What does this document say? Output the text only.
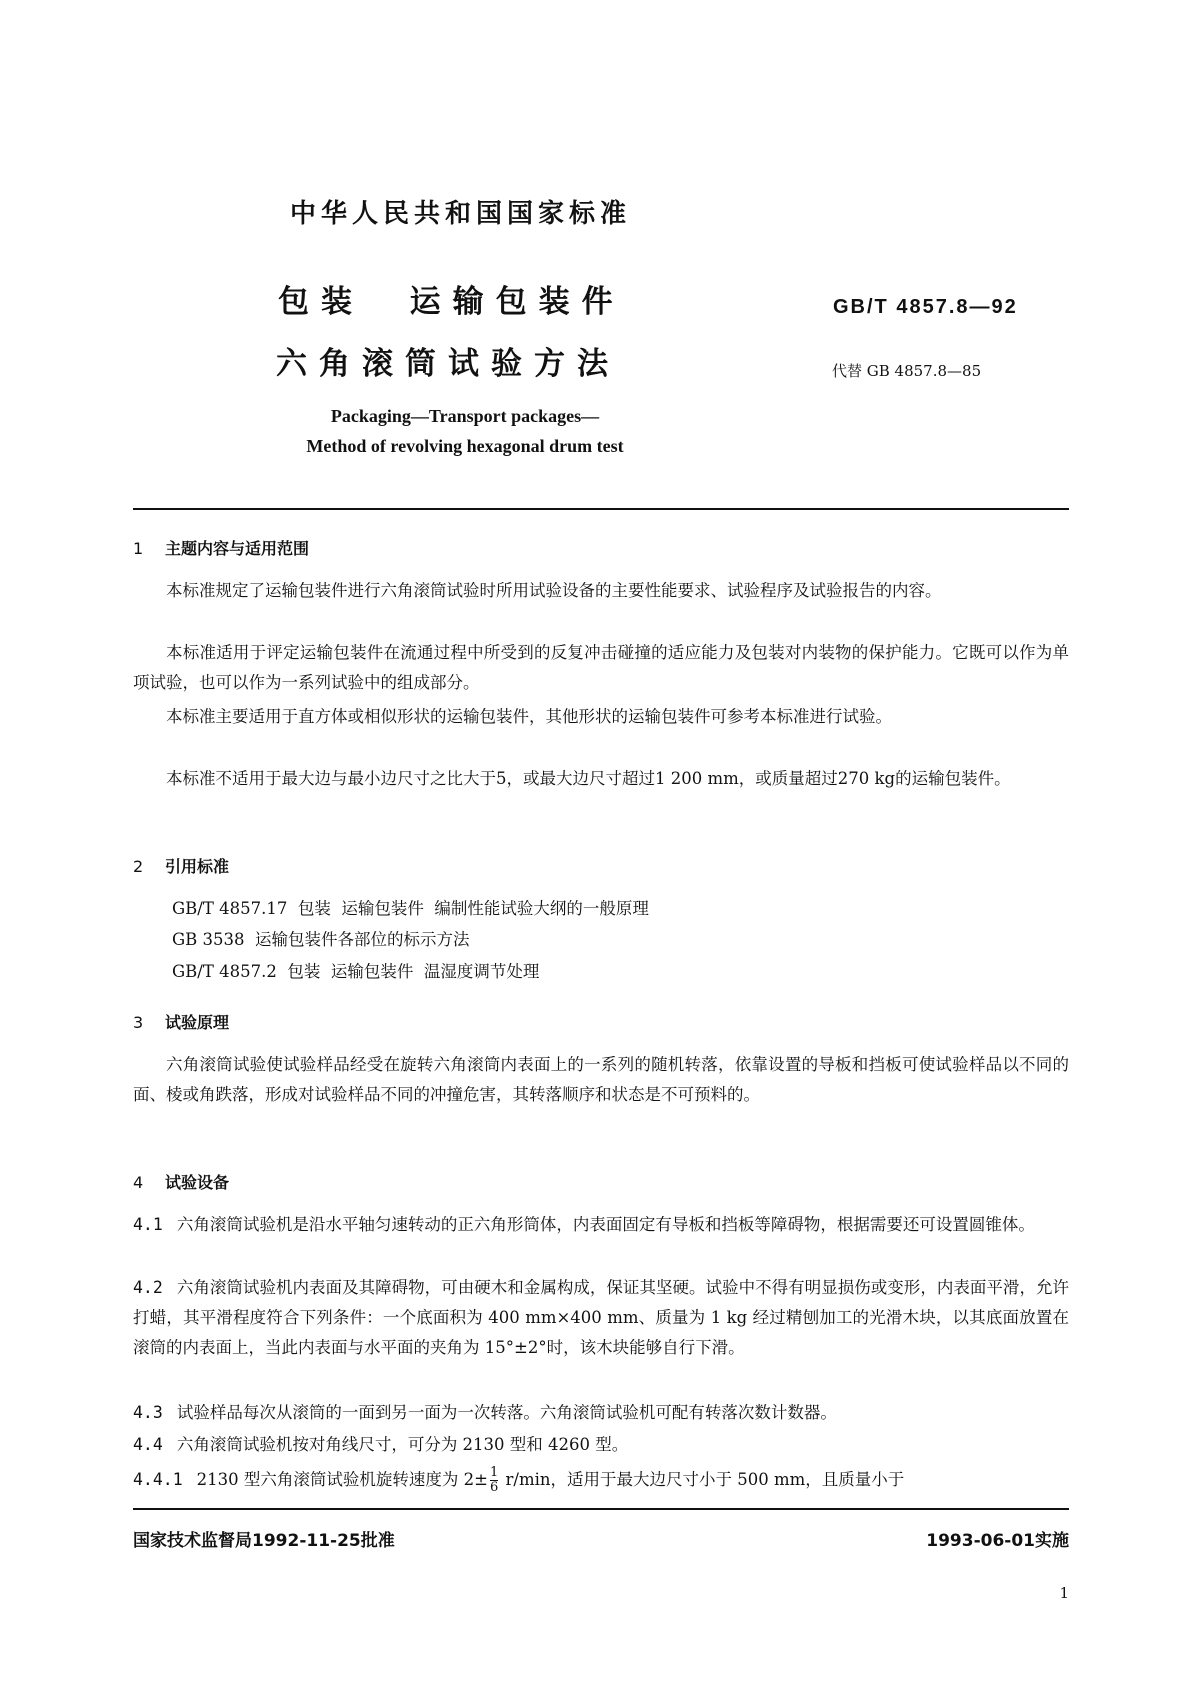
中华人民共和国国家标准
包装  运输包装件
六角滚筒试验方法
GB/T 4857.8—92
代替 GB 4857.8—85
Packaging—Transport packages—
Method of revolving hexagonal drum test
1 主题内容与适用范围
本标准规定了运输包装件进行六角滚筒试验时所用试验设备的主要性能要求、试验程序及试验报告的内容。
本标准适用于评定运输包装件在流通过程中所受到的反复冲击碰撞的适应能力及包装对内装物的保护能力。它既可以作为单项试验，也可以作为一系列试验中的组成部分。
本标准主要适用于直方体或相似形状的运输包装件，其他形状的运输包装件可参考本标准进行试验。
本标准不适用于最大边与最小边尺寸之比大于5，或最大边尺寸超过1 200 mm，或质量超过270 kg的运输包装件。
2 引用标准
GB/T 4857.17  包装  运输包装件  编制性能试验大纲的一般原理
GB 3538  运输包装件各部位的标示方法
GB/T 4857.2  包装  运输包装件  温湿度调节处理
3 试验原理
六角滚筒试验使试验样品经受在旋转六角滚筒内表面上的一系列的随机转落，依靠设置的导板和挡板可使试验样品以不同的面、棱或角跌落，形成对试验样品不同的冲撞危害，其转落顺序和状态是不可预料的。
4 试验设备
4.1 六角滚筒试验机是沿水平轴匀速转动的正六角形筒体，内表面固定有导板和挡板等障碍物，根据需要还可设置圆锥体。
4.2 六角滚筒试验机内表面及其障碍物，可由硬木和金属构成，保证其坚硬。试验中不得有明显损伤或变形，内表面平滑，允许打蜡，其平滑程度符合下列条件：一个底面积为 400 mm×400 mm、质量为 1 kg 经过精刨加工的光滑木块，以其底面放置在滚筒的内表面上，当此内表面与水平面的夹角为 15°±2°时，该木块能够自行下滑。
4.3 试验样品每次从滚筒的一面到另一面为一次转落。六角滚筒试验机可配有转落次数计数器。
4.4 六角滚筒试验机按对角线尺寸，可分为 2130 型和 4260 型。
4.4.1 2130 型六角滚筒试验机旋转速度为 $2\pm \frac{1}{6} r/\min$，适用于最大边尺寸小于 500 mm，且质量小于
国家技术监督局1992-11-25批准	1993-06-01实施
1
